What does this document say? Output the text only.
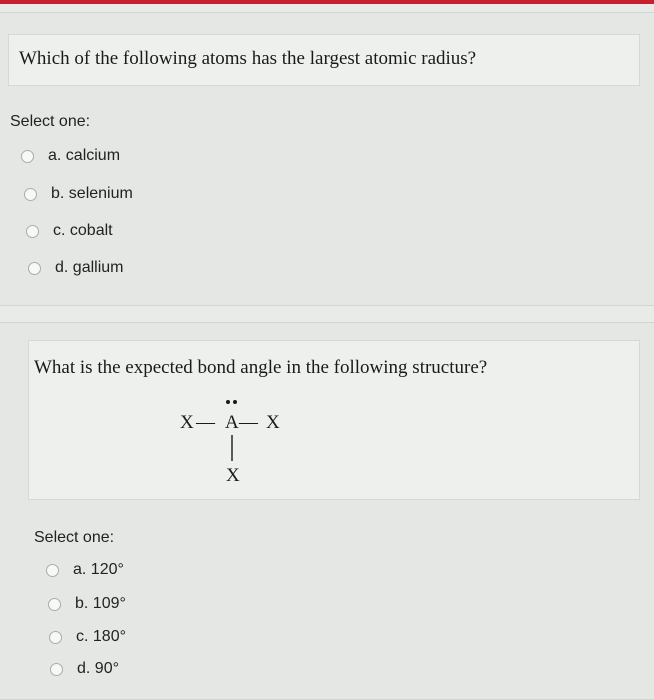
Which of the following atoms has the largest atomic radius?
Select one:
a. calcium
b. selenium
c. cobalt
d. gallium
What is the expected bond angle in the following structure?
X — A — X
X
Select one:
a. 120°
b. 109°
c. 180°
d. 90°
